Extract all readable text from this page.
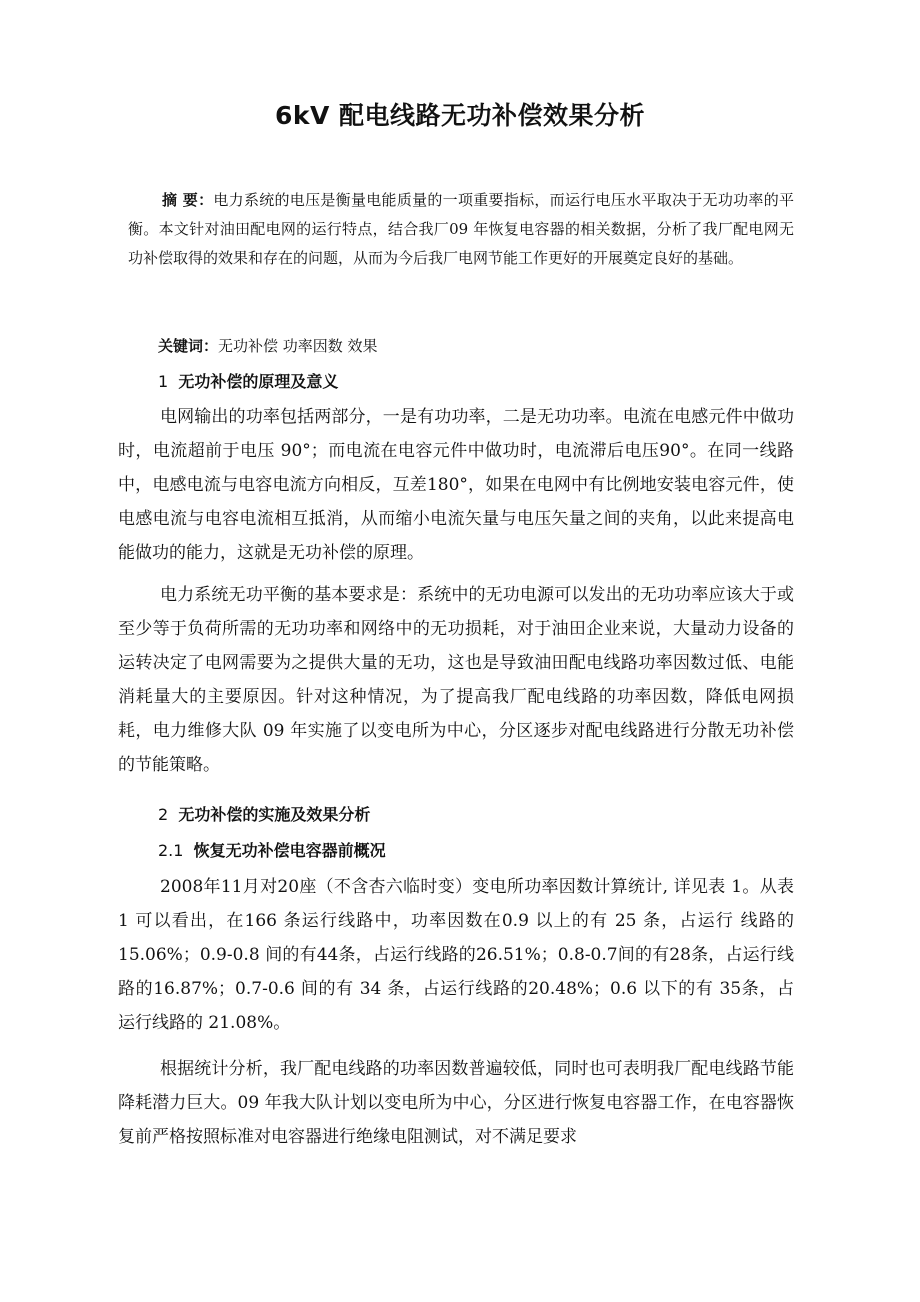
6kV 配电线路无功补偿效果分析
摘 要：电力系统的电压是衡量电能质量的一项重要指标，而运行电压水平取决于无功功率的平衡。本文针对油田配电网的运行特点，结合我厂09 年恢复电容器的相关数据，分析了我厂配电网无功补偿取得的效果和存在的问题，从而为今后我厂电网节能工作更好的开展奠定良好的基础。
关键词：无功补偿 功率因数 效果
1 无功补偿的原理及意义
电网输出的功率包括两部分，一是有功功率，二是无功功率。电流在电感元件中做功时，电流超前于电压 90°；而电流在电容元件中做功时，电流滞后电压90°。在同一线路中，电感电流与电容电流方向相反，互差180°，如果在电网中有比例地安装电容元件，使电感电流与电容电流相互抵消，从而缩小电流矢量与电压矢量之间的夹角，以此来提高电能做功的能力，这就是无功补偿的原理。
电力系统无功平衡的基本要求是：系统中的无功电源可以发出的无功功率应该大于或至少等于负荷所需的无功功率和网络中的无功损耗，对于油田企业来说，大量动力设备的运转决定了电网需要为之提供大量的无功，这也是导致油田配电线路功率因数过低、电能消耗量大的主要原因。针对这种情况，为了提高我厂配电线路的功率因数，降低电网损耗，电力维修大队 09 年实施了以变电所为中心，分区逐步对配电线路进行分散无功补偿的节能策略。
2 无功补偿的实施及效果分析
2.1 恢复无功补偿电容器前概况
2008年11月对20座（不含杏六临时变）变电所功率因数计算统计, 详见表 1。从表 1 可以看出，在166 条运行线路中，功率因数在0.9 以上的有 25 条，占运行 线路的15.06%；0.9-0.8 间的有44条，占运行线路的26.51%；0.8-0.7间的有28条，占运行线路的16.87%；0.7-0.6 间的有 34 条，占运行线路的20.48%；0.6 以下的有 35条，占运行线路的 21.08%。
根据统计分析，我厂配电线路的功率因数普遍较低，同时也可表明我厂配电线路节能降耗潜力巨大。09 年我大队计划以变电所为中心，分区进行恢复电容器工作，在电容器恢复前严格按照标准对电容器进行绝缘电阻测试，对不满足要求
